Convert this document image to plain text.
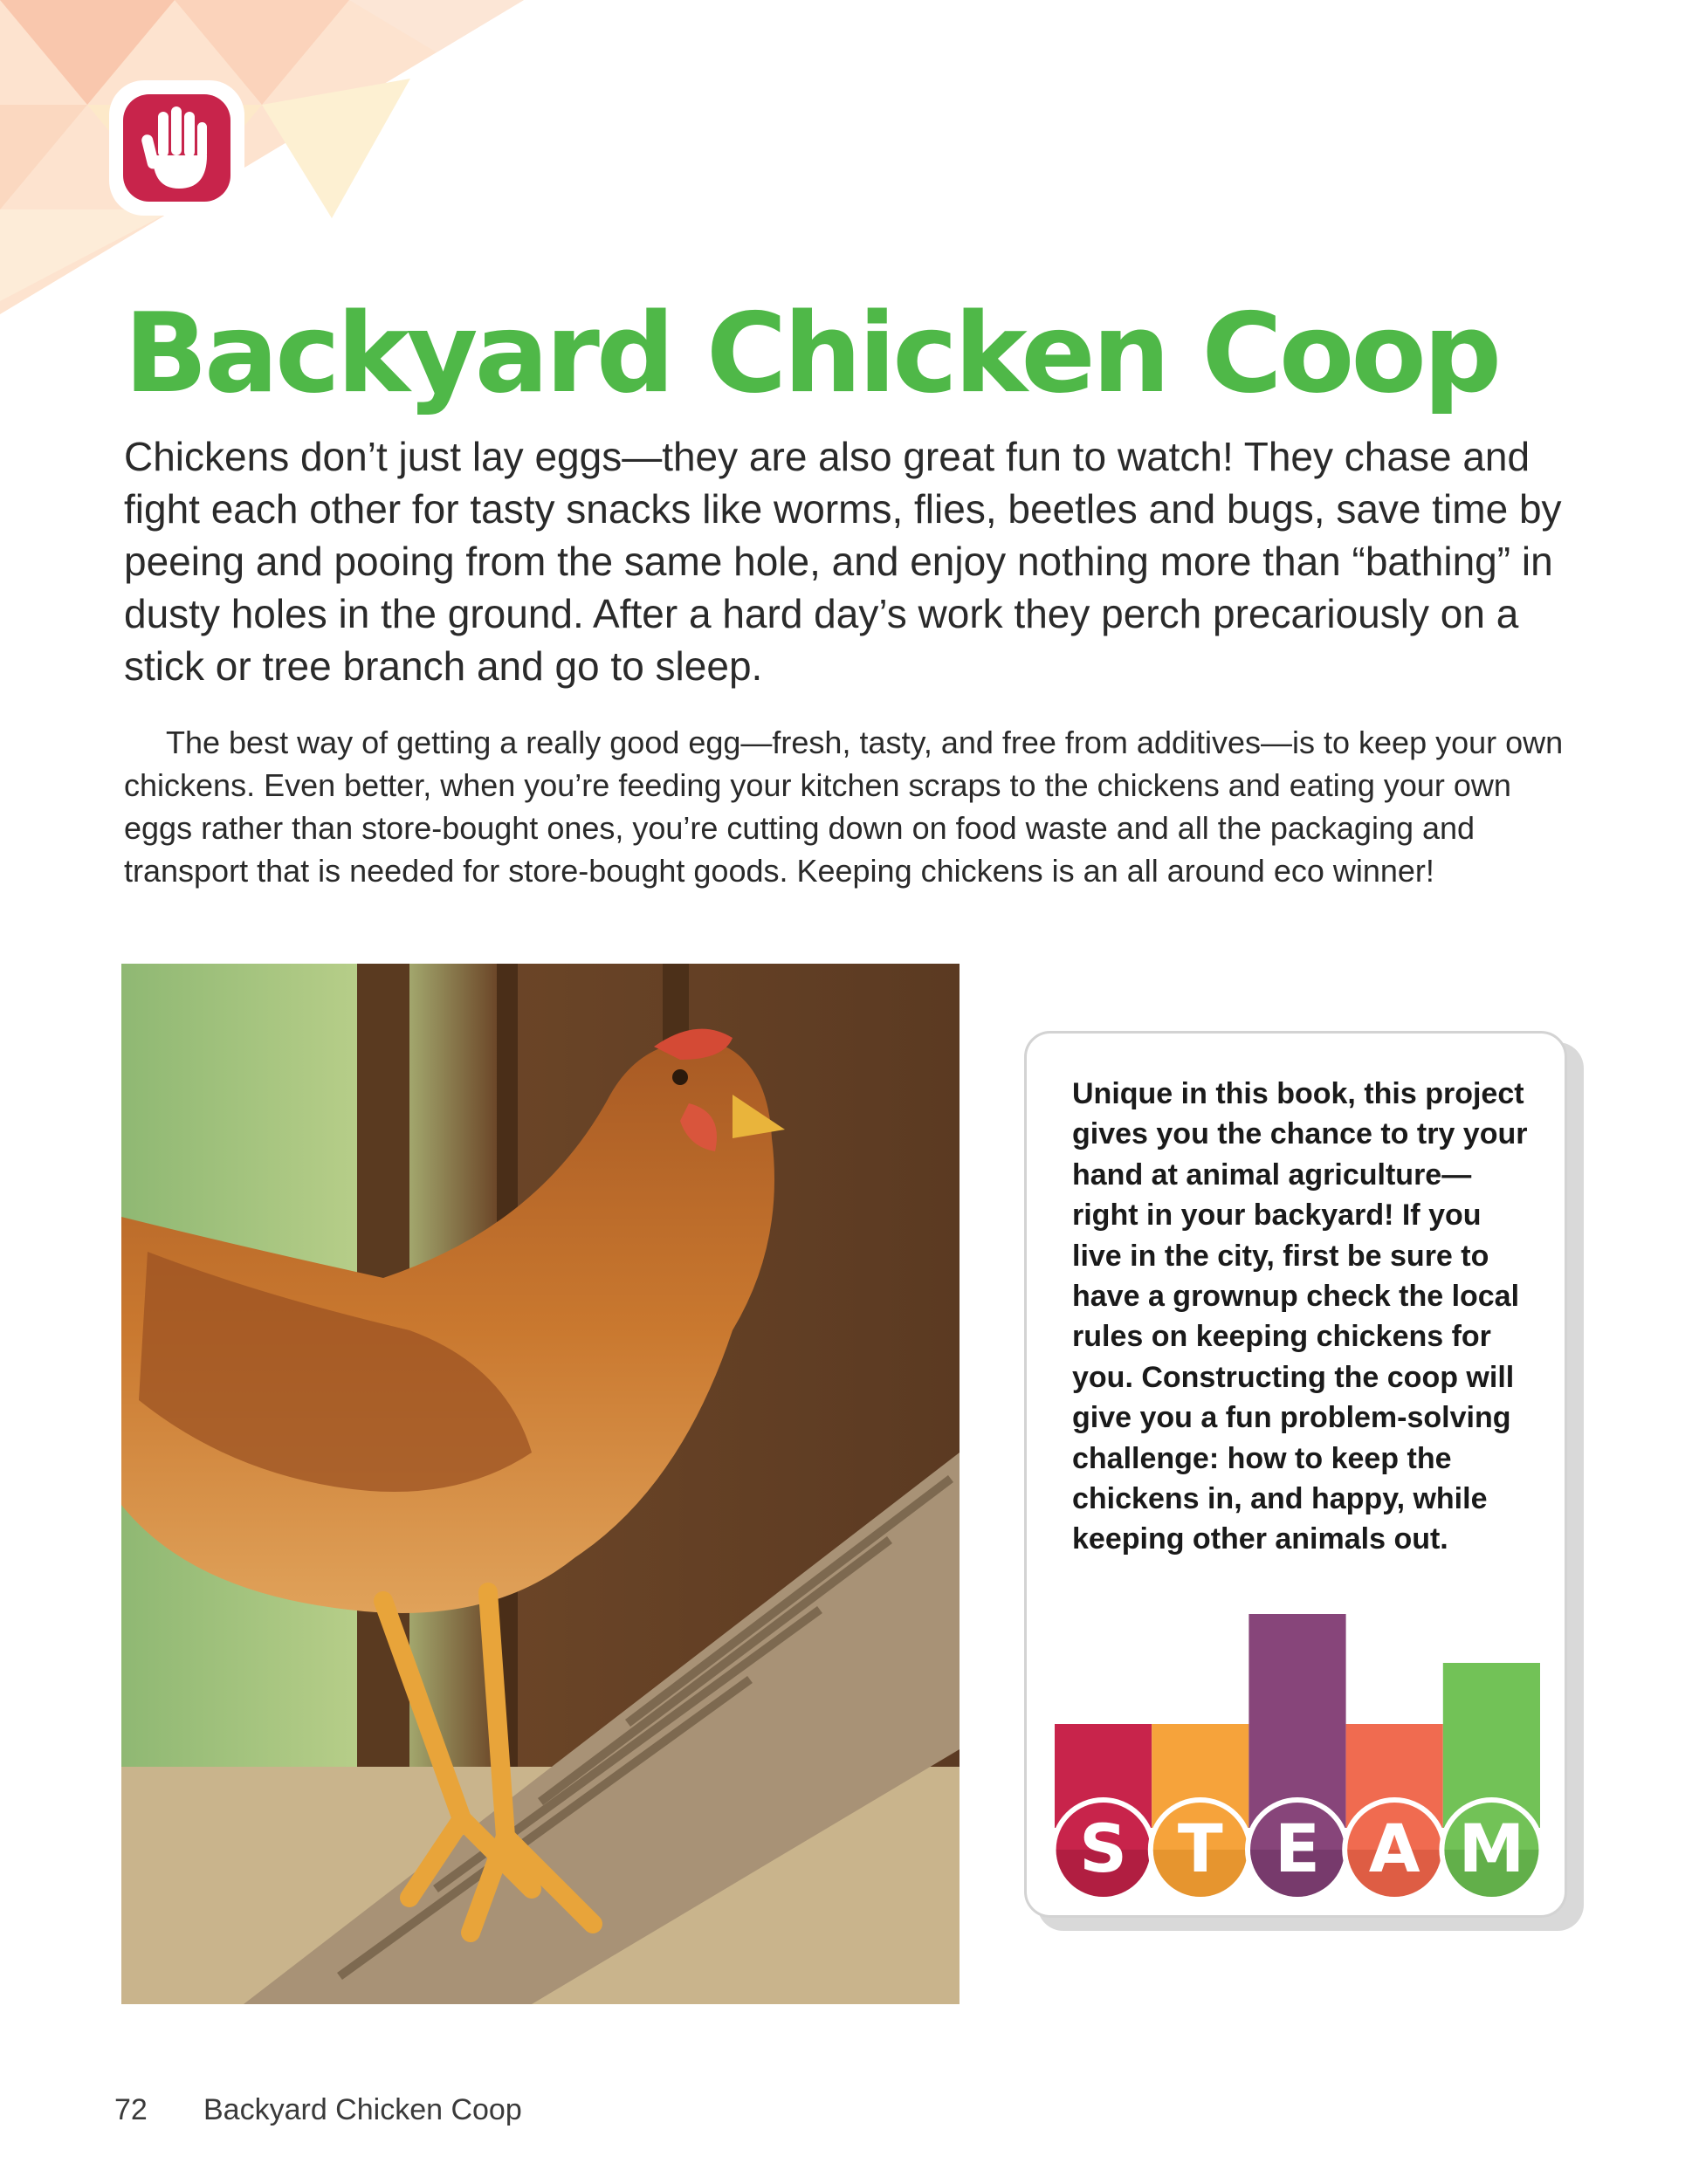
Backyard Chicken Coop

Chickens don’t just lay eggs—they are also great fun to watch! They chase and fight each other for tasty snacks like worms, flies, beetles and bugs, save time by peeing and pooing from the same hole, and enjoy nothing more than “bathing” in dusty holes in the ground. After a hard day’s work they perch precariously on a stick or tree branch and go to sleep.

The best way of getting a really good egg—fresh, tasty, and free from additives—is to keep your own chickens. Even better, when you’re feeding your kitchen scraps to the chickens and eating your own eggs rather than store-bought ones, you’re cutting down on food waste and all the packaging and transport that is needed for store-bought goods. Keeping chickens is an all around eco winner!

Unique in this book, this project gives you the chance to try your hand at animal agriculture—right in your backyard! If you live in the city, first be sure to have a grownup check the local rules on keeping chickens for you. Constructing the coop will give you a fun problem-solving challenge: how to keep the chickens in, and happy, while keeping other animals out.

S T E A M
72 Backyard Chicken Coop
